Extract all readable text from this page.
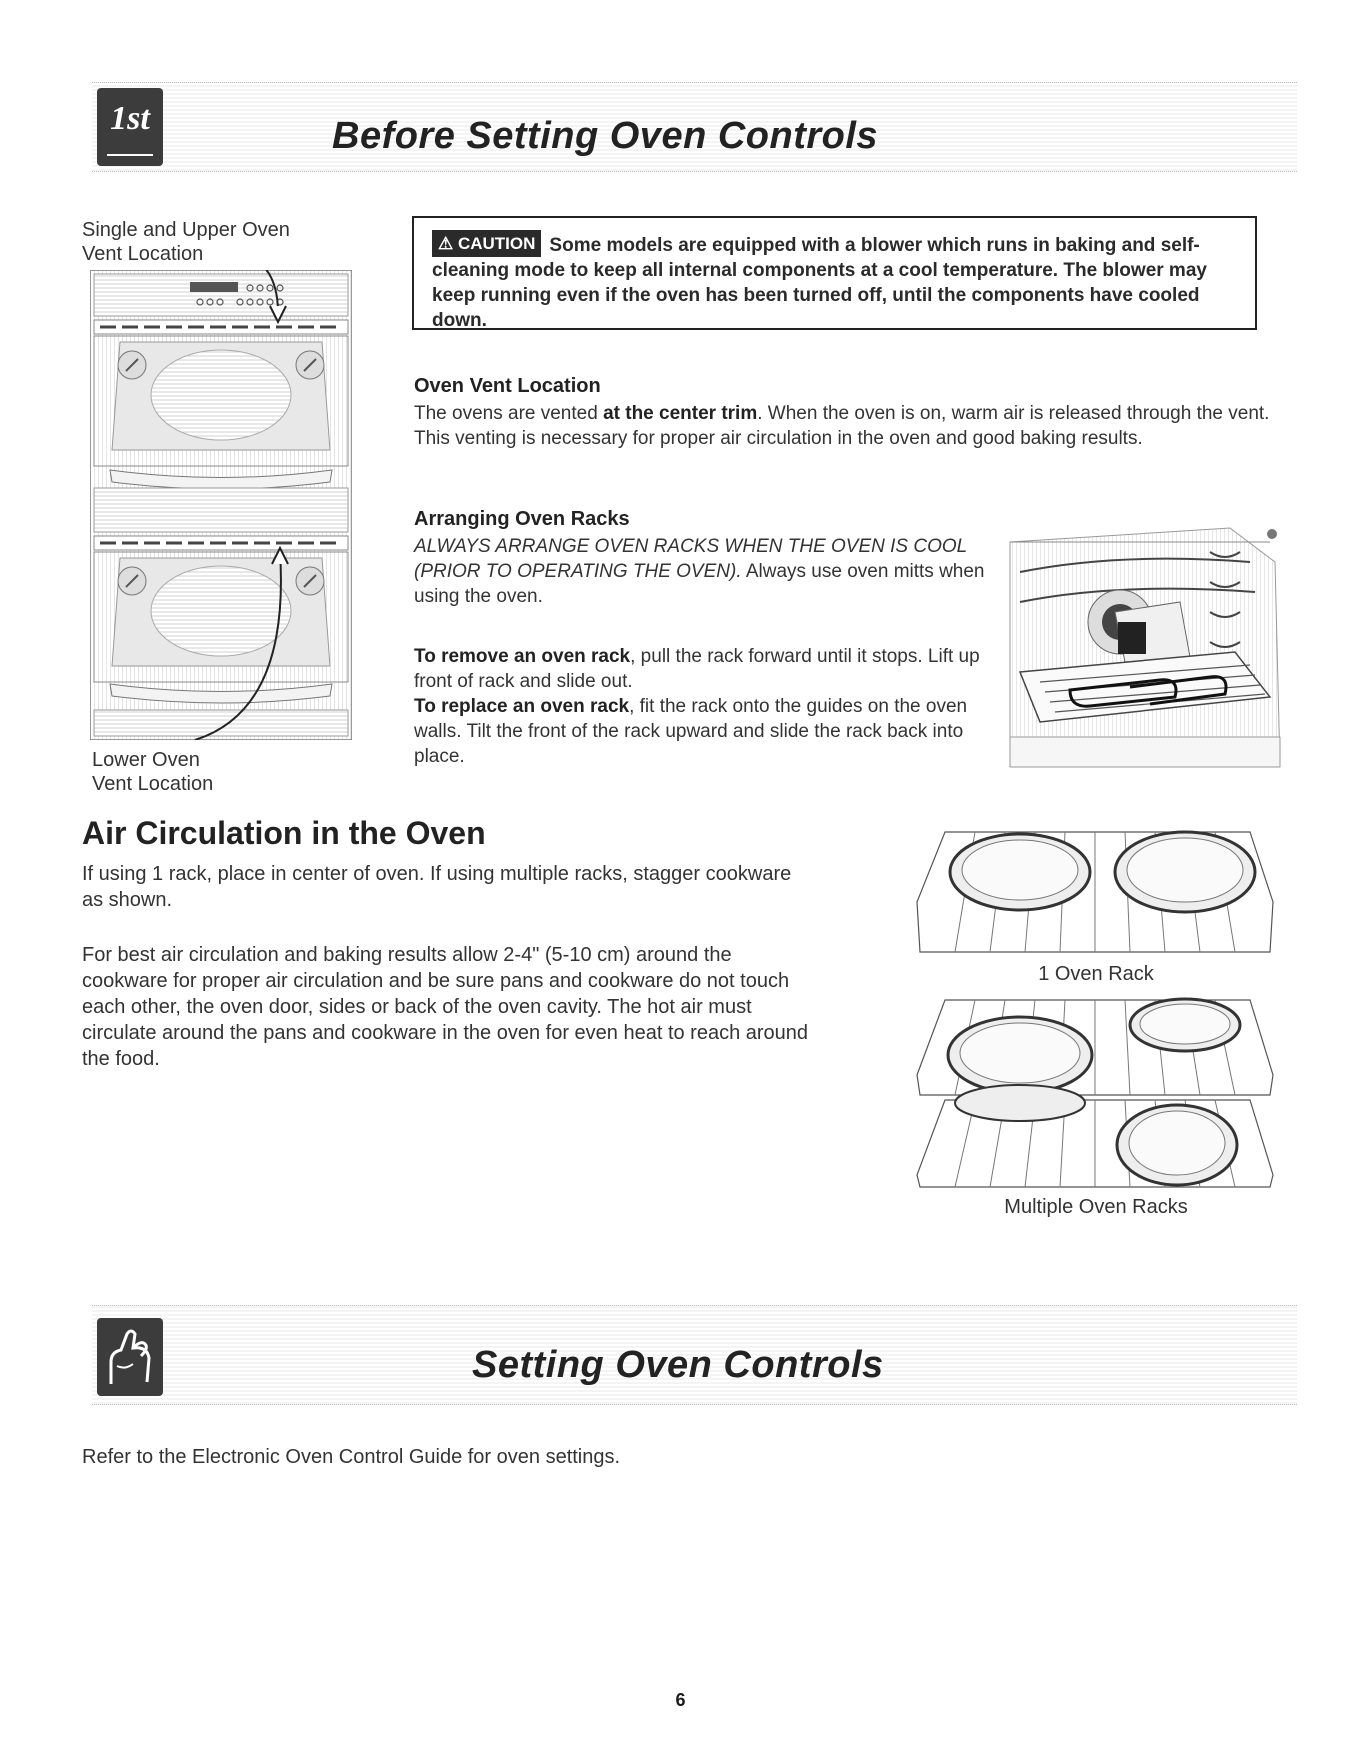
Before Setting Oven Controls
1st
Single and Upper Oven
Vent Location
Lower Oven
Vent Location
⚠ CAUTION Some models are equipped with a blower which runs in baking and self-cleaning mode to keep all internal components at a cool temperature. The blower may keep running even if the oven has been turned off, until the components have cooled down.
Oven Vent Location
The ovens are vented at the center trim. When the oven is on, warm air is released through the vent. This venting is necessary for proper air circulation in the oven and good baking results.
Arranging Oven Racks
ALWAYS ARRANGE OVEN RACKS WHEN THE OVEN IS COOL (PRIOR TO OPERATING THE OVEN). Always use oven mitts when using the oven.
To remove an oven rack, pull the rack forward until it stops. Lift up front of rack and slide out.
To replace an oven rack, fit the rack onto the guides on the oven walls. Tilt the front of the rack upward and slide the rack back into place.
Air Circulation in the Oven
If using 1 rack, place in center of oven. If using multiple racks, stagger cookware as shown.
For best air circulation and baking results allow 2-4" (5-10 cm) around the cookware for proper air circulation and be sure pans and cookware do not touch each other, the oven door, sides or back of the oven cavity. The hot air must circulate around the pans and cookware in the oven for even heat to reach around the food.
1 Oven Rack
Multiple Oven Racks
Setting Oven Controls
Refer to the Electronic Oven Control Guide for oven settings.
6
